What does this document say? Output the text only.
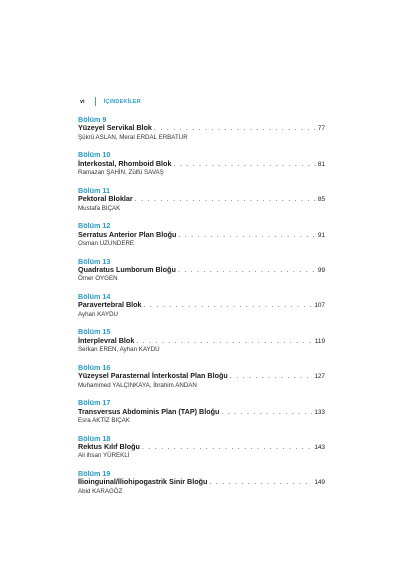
vi	İÇINDEKİLER
Bölüm 9
Yüzeyel Servikal Blok . . .	77
Şükrü ASLAN, Meral ERDAL ERBATUR
Bölüm 10
İnterkostal, Rhomboid Blok . . .	81
Ramazan ŞAHİN, Zülfü SAVAŞ
Bölüm 11
Pektoral Bloklar . . .	85
Mustafa BIÇAK
Bölüm 12
Serratus Anterior Plan Bloğu . . .	91
Osman UZUNDERE
Bölüm 13
Quadratus Lumborum Bloğu . . .	99
Ömer OYGEN
Bölüm 14
Paravertebral Blok . . .	107
Ayhan KAYDU
Bölüm 15
İnterplevral Blok . . .	119
Serkan EREN, Ayhan KAYDU
Bölüm 16
Yüzeysel Parasternal İnterkostal Plan Bloğu . . .	127
Muhammed YALÇINKAYA, İbrahim ANDAN
Bölüm 17
Transversus Abdominis Plan (TAP) Bloğu . . .	133
Esra AKTİZ BIÇAK
Bölüm 18
Rektus Kılıf Bloğu . . .	143
Ali ihsan YÜREKLİ
Bölüm 19
İlioinguinal/İliohipogastrik Sinir Bloğu . . .	149
Abid KARAGÖZ
